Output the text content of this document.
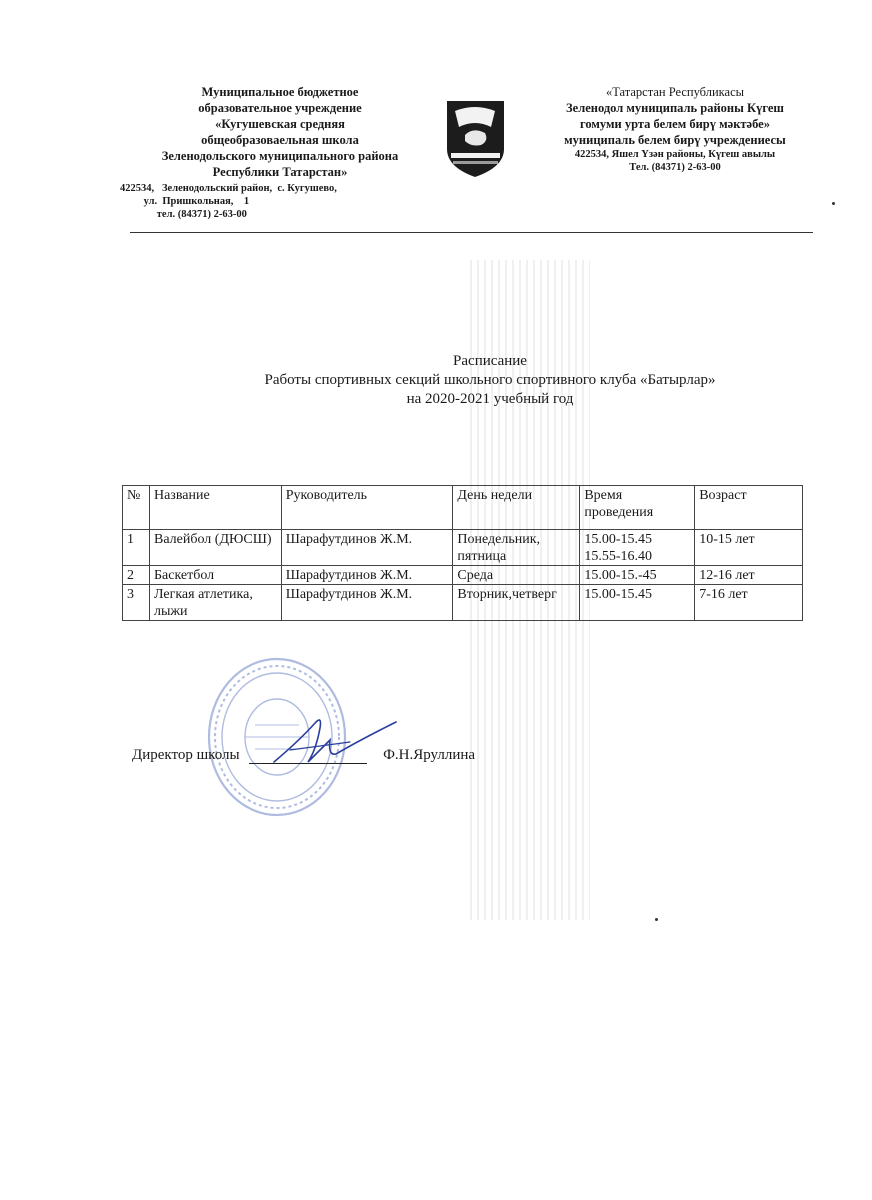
Муниципальное бюджетное
образовательное учреждение
«Кугушевская средняя
общеобразоваельная школа
Зеленодольского муниципального района
Республики Татарстан»
422534,   Зеленодольский район,  с. Кугушево,
ул.  Пришкольная,    1
тел. (84371) 2-63-00
«Татарстан Республикасы
Зеленодол муниципаль районы Күгеш
гомуми урта белем бирү мәктәбе»
муниципаль белем бирү учреждениесы
422534, Яшел Үзән районы, Күгеш авылы
Тел. (84371) 2-63-00
Расписание
Работы спортивных секций школьного спортивного клуба «Батырлар»
на 2020-2021 учебный год
№	Название	Руководитель	День недели	Время проведения	Возраст
1	Валейбол (ДЮСШ)	Шарафутдинов Ж.М.	Понедельник, пятница	15.00-15.45 15.55-16.40	10-15 лет
2	Баскетбол	Шарафутдинов Ж.М.	Среда	15.00-15.-45	12-16 лет
3	Легкая атлетика, лыжи	Шарафутдинов Ж.М.	Вторник,четверг	15.00-15.45	7-16 лет
Директор школы	Ф.Н.Яруллина
